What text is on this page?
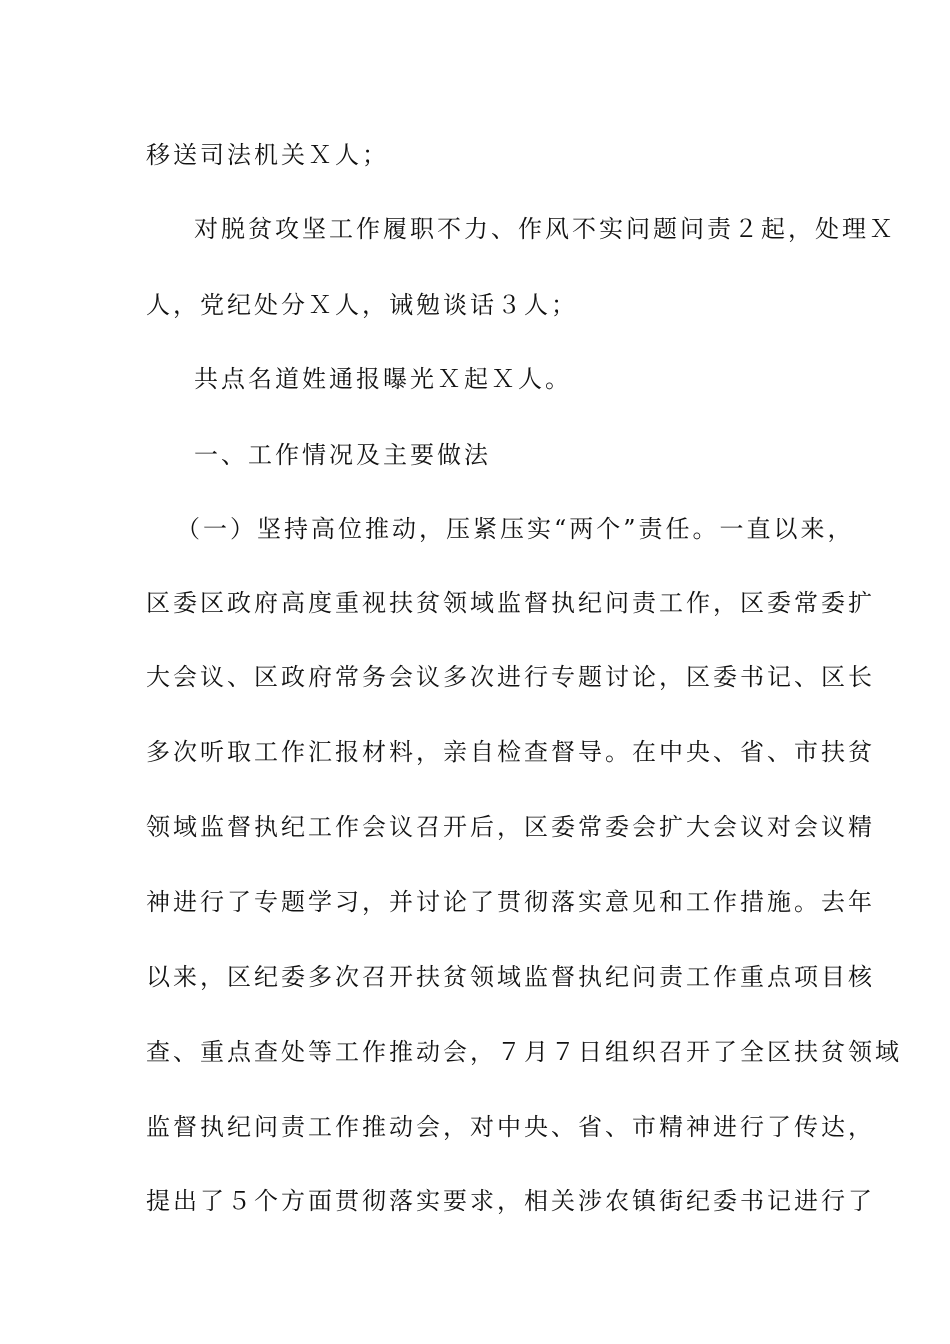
移送司法机关Ｘ人；
对脱贫攻坚工作履职不力、作风不实问题问责２起，处理Ｘ
人，党纪处分Ｘ人，诫勉谈话３人；
共点名道姓通报曝光Ｘ起Ｘ人。
一、工作情况及主要做法
（一）坚持高位推动，压紧压实“两个”责任。一直以来，
区委区政府高度重视扶贫领域监督执纪问责工作，区委常委扩
大会议、区政府常务会议多次进行专题讨论，区委书记、区长
多次听取工作汇报材料，亲自检查督导。在中央、省、市扶贫
领域监督执纪工作会议召开后，区委常委会扩大会议对会议精
神进行了专题学习，并讨论了贯彻落实意见和工作措施。去年
以来，区纪委多次召开扶贫领域监督执纪问责工作重点项目核
查、重点查处等工作推动会，７月７日组织召开了全区扶贫领域
监督执纪问责工作推动会，对中央、省、市精神进行了传达，
提出了５个方面贯彻落实要求，相关涉农镇街纪委书记进行了
